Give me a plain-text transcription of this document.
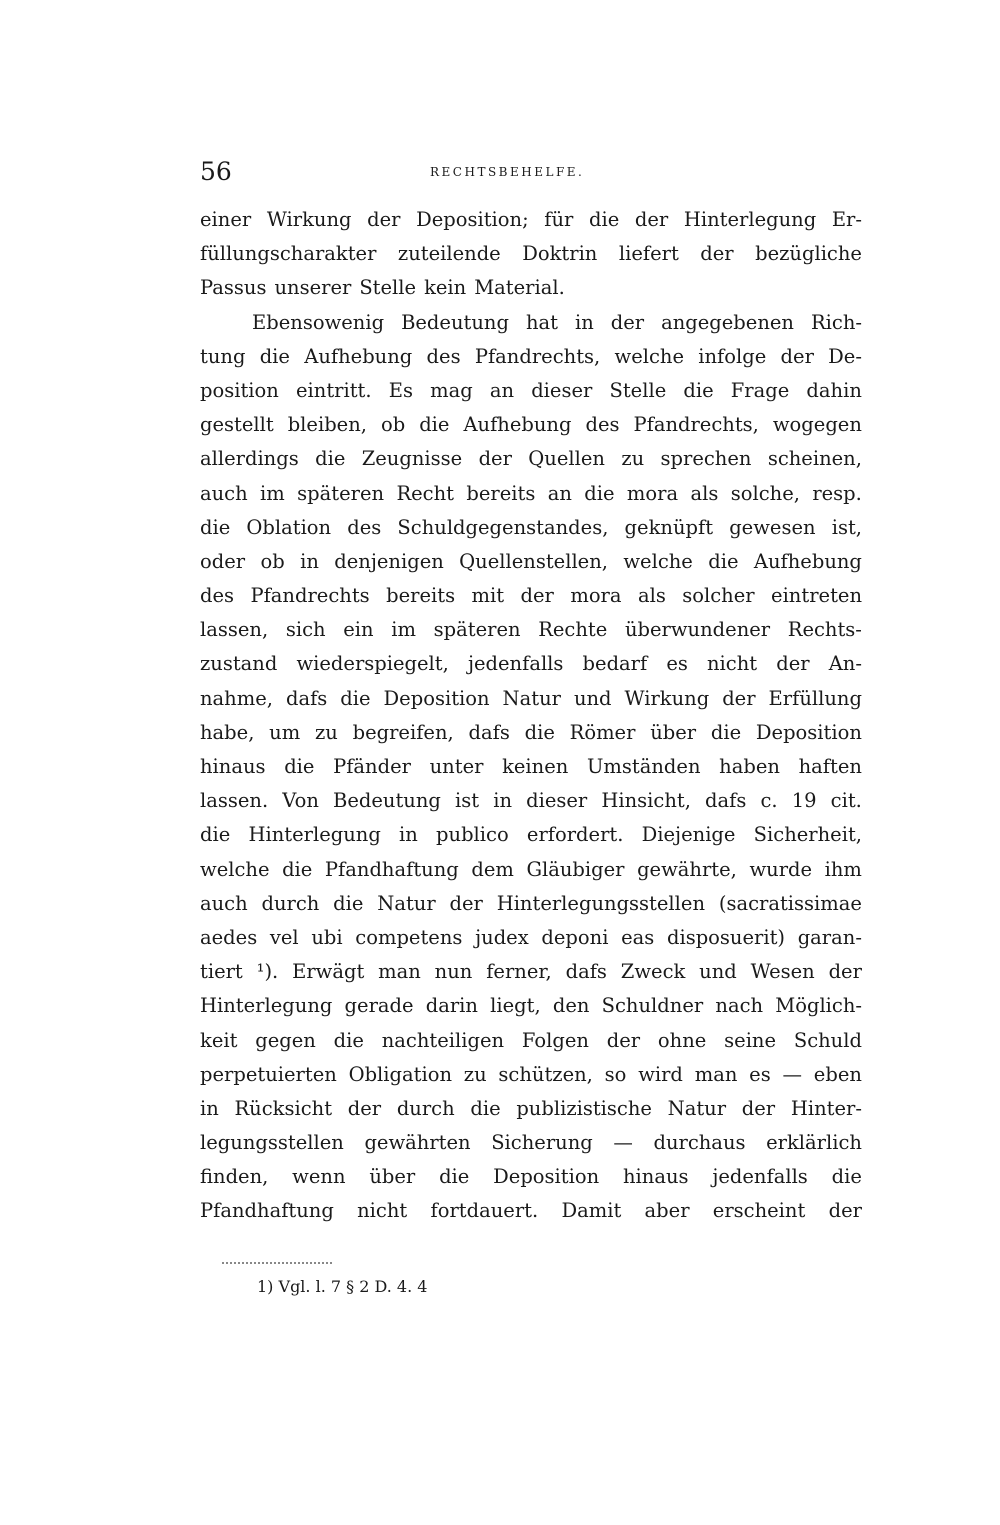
56	RECHTSBEHELFE.
einer Wirkung der Deposition; für die der Hinterlegung Er-
füllungscharakter zuteilende Doktrin liefert der bezügliche
Passus unserer Stelle kein Material.
Ebensowenig Bedeutung hat in der angegebenen Rich-
tung die Aufhebung des Pfandrechts, welche infolge der De-
position eintritt. Es mag an dieser Stelle die Frage dahin
gestellt bleiben, ob die Aufhebung des Pfandrechts, wogegen
allerdings die Zeugnisse der Quellen zu sprechen scheinen,
auch im späteren Recht bereits an die mora als solche, resp.
die Oblation des Schuldgegenstandes, geknüpft gewesen ist,
oder ob in denjenigen Quellenstellen, welche die Aufhebung
des Pfandrechts bereits mit der mora als solcher eintreten
lassen, sich ein im späteren Rechte überwundener Rechts-
zustand wiederspiegelt, jedenfalls bedarf es nicht der An-
nahme, dafs die Deposition Natur und Wirkung der Erfüllung
habe, um zu begreifen, dafs die Römer über die Deposition
hinaus die Pfänder unter keinen Umständen haben haften
lassen. Von Bedeutung ist in dieser Hinsicht, dafs c. 19 cit.
die Hinterlegung in publico erfordert. Diejenige Sicherheit,
welche die Pfandhaftung dem Gläubiger gewährte, wurde ihm
auch durch die Natur der Hinterlegungsstellen (sacratissimae
aedes vel ubi competens judex deponi eas disposuerit) garan-
tiert ¹). Erwägt man nun ferner, dafs Zweck und Wesen der
Hinterlegung gerade darin liegt, den Schuldner nach Möglich-
keit gegen die nachteiligen Folgen der ohne seine Schuld
perpetuierten Obligation zu schützen, so wird man es — eben
in Rücksicht der durch die publizistische Natur der Hinter-
legungsstellen gewährten Sicherung — durchaus erklärlich
finden, wenn über die Deposition hinaus jedenfalls die
Pfandhaftung nicht fortdauert. Damit aber erscheint der
1) Vgl. l. 7 § 2 D. 4. 4
